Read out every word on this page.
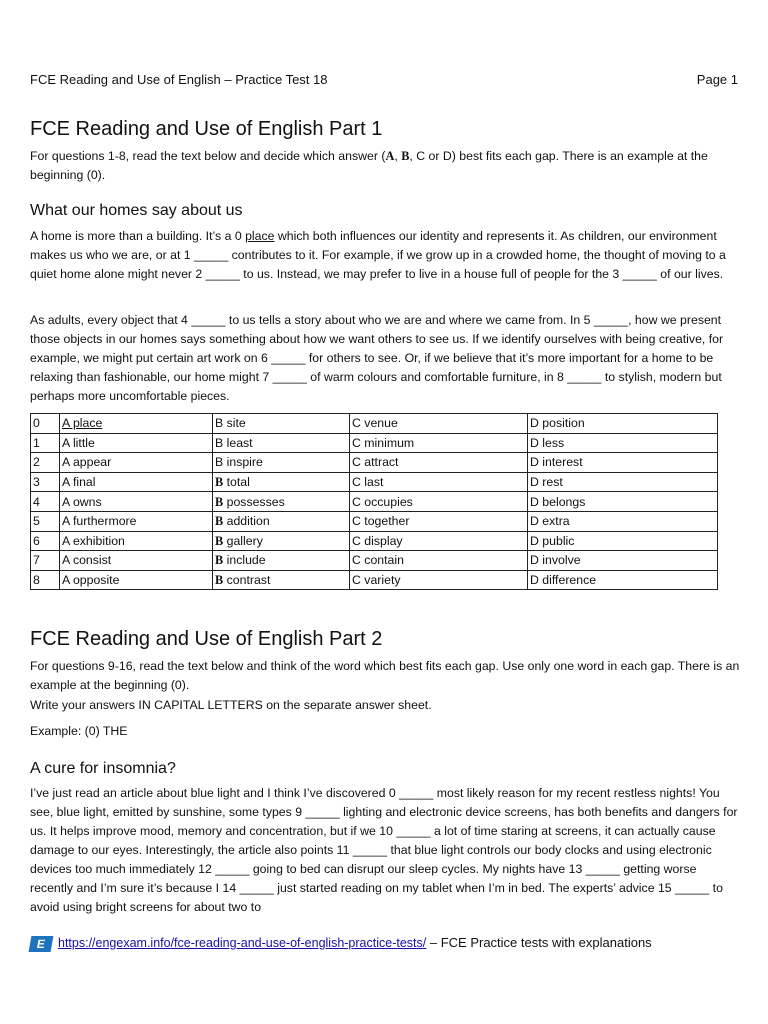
FCE Reading and Use of English – Practice Test 18	Page 1
FCE Reading and Use of English Part 1

For questions 1-8, read the text below and decide which answer (A, B, C or D) best fits each gap. There is an example at the beginning (0).

What our homes say about us

A home is more than a building. It’s a 0 place which both influences our identity and represents it. As children, our environment makes us who we are, or at 1 _____ contributes to it. For example, if we grow up in a crowded home, the thought of moving to a quiet home alone might never 2 _____ to us. Instead, we may prefer to live in a house full of people for the 3 _____ of our lives.

As adults, every object that 4 _____ to us tells a story about who we are and where we came from. In 5 _____, how we present those objects in our homes says something about how we want others to see us. If we identify ourselves with being creative, for example, we might put certain art work on 6 _____ for others to see. Or, if we believe that it’s more important for a home to be relaxing than fashionable, our home might 7 _____ of warm colours and comfortable furniture, in 8 _____ to stylish, modern but perhaps more uncomfortable pieces.

0	A place	B site	C venue	D position
1	A little	B least	C minimum	D less
2	A appear	B inspire	C attract	D interest
3	A final	B total	C last	D rest
4	A owns	B possesses	C occupies	D belongs
5	A furthermore	B addition	C together	D extra
6	A exhibition	B gallery	C display	D public
7	A consist	B include	C contain	D involve
8	A opposite	B contrast	C variety	D difference
FCE Reading and Use of English Part 2

For questions 9-16, read the text below and think of the word which best fits each gap. Use only one word in each gap. There is an example at the beginning (0).

Write your answers IN CAPITAL LETTERS on the separate answer sheet.

Example: (0) THE

A cure for insomnia?

I’ve just read an article about blue light and I think I’ve discovered 0 _____ most likely reason for my recent restless nights! You see, blue light, emitted by sunshine, some types 9 _____ lighting and electronic device screens, has both benefits and dangers for us. It helps improve mood, memory and concentration, but if we 10 _____ a lot of time staring at screens, it can actually cause damage to our eyes. Interestingly, the article also points 11 _____ that blue light controls our body clocks and using electronic devices too much immediately 12 _____ going to bed can disrupt our sleep cycles. My nights have 13 _____ getting worse recently and I’m sure it’s because I 14 _____ just started reading on my tablet when I’m in bed. The experts’ advice 15 _____ to avoid using bright screens for about two to

E https://engexam.info/fce-reading-and-use-of-english-practice-tests/ – FCE Practice tests with explanations
